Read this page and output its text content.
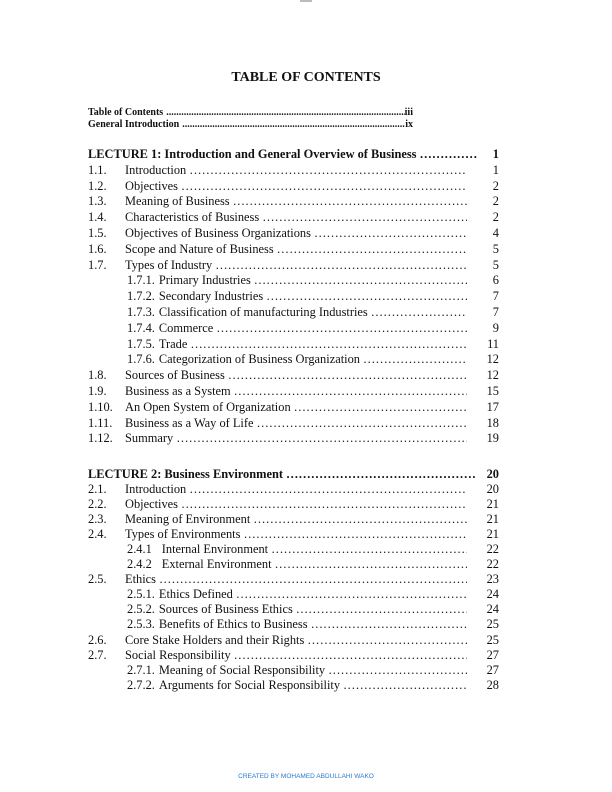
TABLE OF CONTENTS
Table of Contents .....	iii
General Introduction .....	ix
LECTURE 1: Introduction and General Overview of Business ……………………………………………………………………………………………………………………	1
1.1. Introduction ……………………………………………………………………………………………………………………	1
1.2. Objectives ……………………………………………………………………………………………………………………	2
1.3. Meaning of Business ……………………………………………………………………………………………………………………	2
1.4. Characteristics of Business ……………………………………………………………………………………………………………………	2
1.5. Objectives of Business Organizations ……………………………………………………………………………………………………………………	4
1.6. Scope and Nature of Business ……………………………………………………………………………………………………………………	5
1.7. Types of Industry ……………………………………………………………………………………………………………………	5
1.7.1. Primary Industries ……………………………………………………………………………………………………………………	6
1.7.2. Secondary Industries ……………………………………………………………………………………………………………………	7
1.7.3. Classification of manufacturing Industries ……………………………………………………………………………………………………………………	7
1.7.4. Commerce ……………………………………………………………………………………………………………………	9
1.7.5. Trade ……………………………………………………………………………………………………………………	11
1.7.6. Categorization of Business Organization ……………………………………………………………………………………………………………………	12
1.8. Sources of Business ……………………………………………………………………………………………………………………	12
1.9. Business as a System ……………………………………………………………………………………………………………………	15
1.10. An Open System of Organization ……………………………………………………………………………………………………………………	17
1.11. Business as a Way of Life ……………………………………………………………………………………………………………………	18
1.12. Summary ……………………………………………………………………………………………………………………	19
LECTURE 2: Business Environment ……………………………………………………………………………………………………………………	20
2.1. Introduction ……………………………………………………………………………………………………………………	20
2.2. Objectives ……………………………………………………………………………………………………………………	21
2.3. Meaning of Environment ……………………………………………………………………………………………………………………	21
2.4. Types of Environments ……………………………………………………………………………………………………………………	21
2.4.1 Internal Environment ……………………………………………………………………………………………………………………	22
2.4.2 External Environment ……………………………………………………………………………………………………………………	22
2.5. Ethics ……………………………………………………………………………………………………………………	23
2.5.1. Ethics Defined ……………………………………………………………………………………………………………………	24
2.5.2. Sources of Business Ethics ……………………………………………………………………………………………………………………	24
2.5.3. Benefits of Ethics to Business ……………………………………………………………………………………………………………………	25
2.6. Core Stake Holders and their Rights ……………………………………………………………………………………………………………………	25
2.7. Social Responsibility ……………………………………………………………………………………………………………………	27
2.7.1. Meaning of Social Responsibility ……………………………………………………………………………………………………………………	27
2.7.2. Arguments for Social Responsibility ……………………………………………………………………………………………………………………	28
CREATED BY MOHAMED ABDULLAHI WAKO
